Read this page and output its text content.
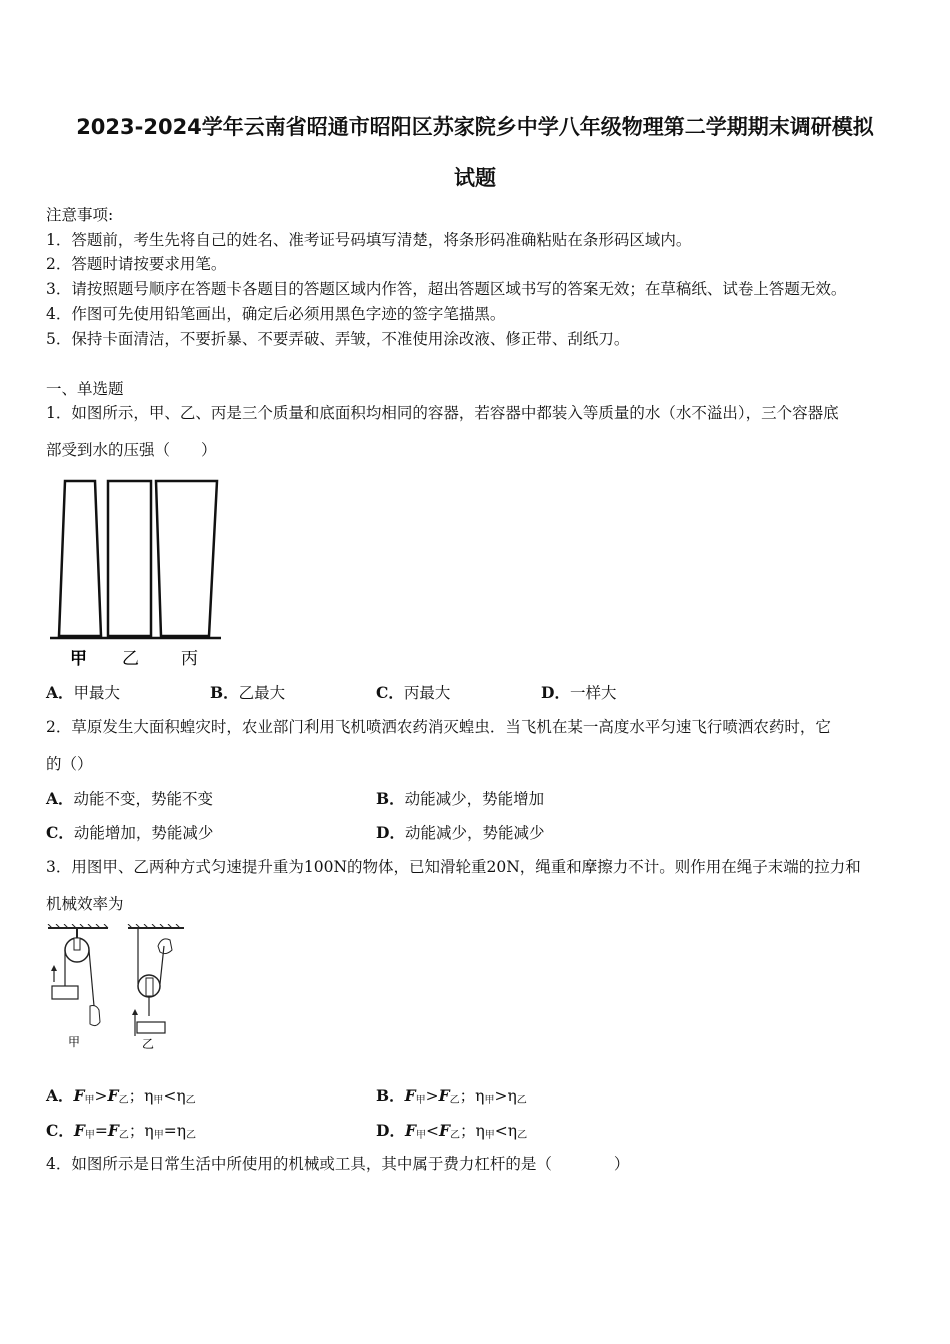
2023-2024学年云南省昭通市昭阳区苏家院乡中学八年级物理第二学期期末调研模拟
试题
注意事项:
1．答题前，考生先将自己的姓名、准考证号码填写清楚，将条形码准确粘贴在条形码区域内。
2．答题时请按要求用笔。
3．请按照题号顺序在答题卡各题目的答题区域内作答，超出答题区域书写的答案无效；在草稿纸、试卷上答题无效。
4．作图可先使用铅笔画出，确定后必须用黑色字迹的签字笔描黑。
5．保持卡面清洁，不要折暴、不要弄破、弄皱，不准使用涂改液、修正带、刮纸刀。
一、单选题
1．如图所示，甲、乙、丙是三个质量和底面积均相同的容器，若容器中都装入等质量的水（水不溢出），三个容器底
部受到水的压强（　　）
甲 乙 丙
A．甲最大	B．乙最大	C．丙最大	D．一样大
2．草原发生大面积蝗灾时，农业部门利用飞机喷洒农药消灭蝗虫．当飞机在某一高度水平匀速飞行喷洒农药时，它
的（）
A．动能不变，势能不变	B．动能减少，势能增加
C．动能增加，势能减少	D．动能减少，势能减少
3．用图甲、乙两种方式匀速提升重为100N的物体，已知滑轮重20N，绳重和摩擦力不计。则作用在绳子末端的拉力和
机械效率为
甲	乙
A．$F_甲>F_乙$；$\eta_甲<\eta_乙$	B．$F_甲>F_乙$；$\eta_甲>\eta_乙$
C．$F_甲=F_乙$；$\eta_甲=\eta_乙$	D．$F_甲<F_乙$；$\eta_甲<\eta_乙$
4．如图所示是日常生活中所使用的机械或工具，其中属于费力杠杆的是（　　　　）
